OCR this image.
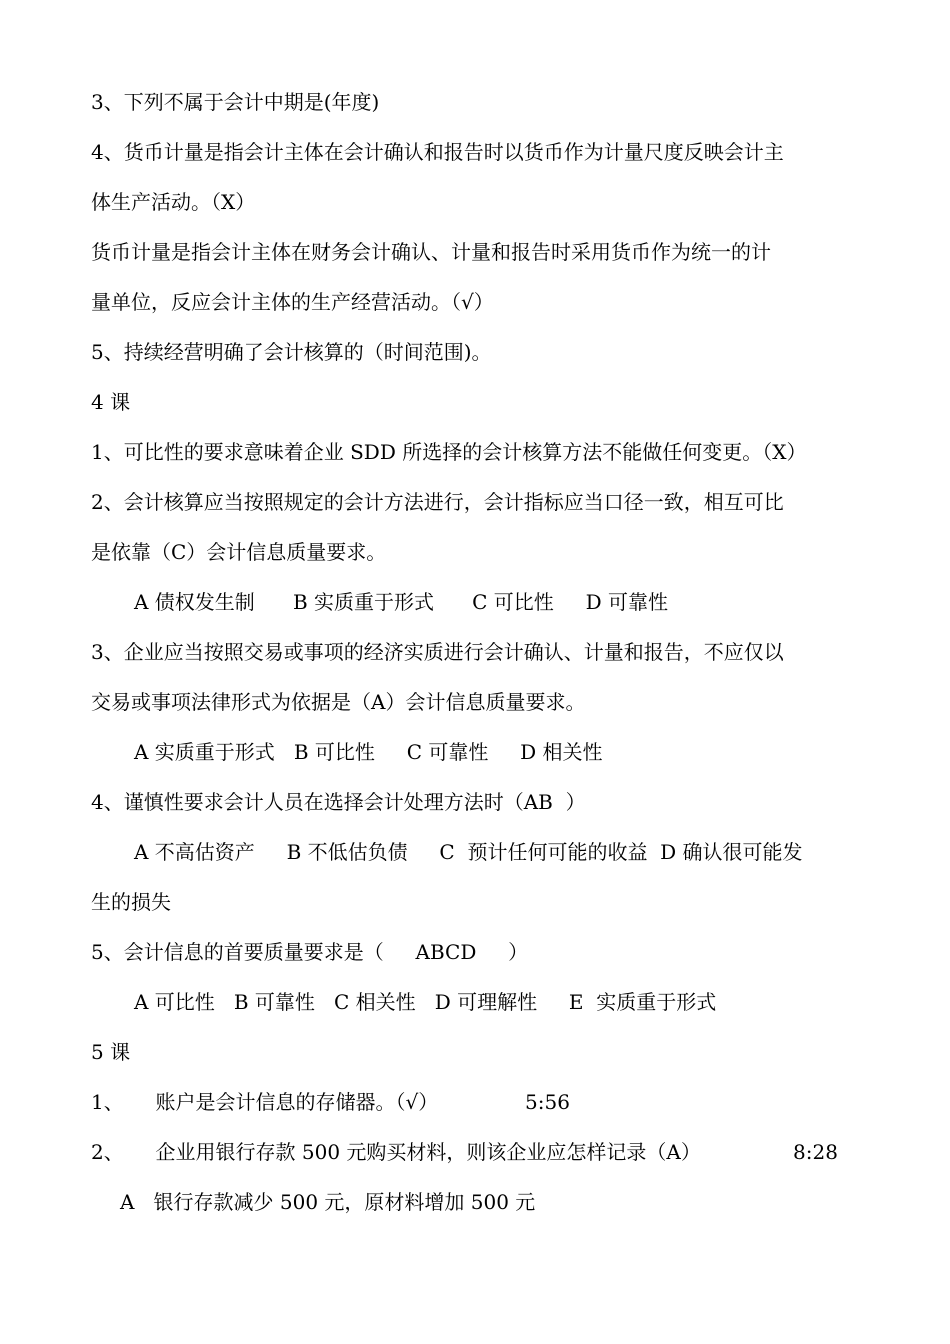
3、下列不属于会计中期是(年度)
4、货币计量是指会计主体在会计确认和报告时以货币作为计量尺度反映会计主
体生产活动。（X）
货币计量是指会计主体在财务会计确认、计量和报告时采用货币作为统一的计
量单位，反应会计主体的生产经营活动。（√）
5、持续经营明确了会计核算的（时间范围)。
4 课
1、可比性的要求意味着企业 SDD 所选择的会计核算方法不能做任何变更。（X）
2、会计核算应当按照规定的会计方法进行，会计指标应当口径一致，相互可比
是依靠（C）会计信息质量要求。
A 债权发生制      B 实质重于形式      C 可比性     D 可靠性
3、企业应当按照交易或事项的经济实质进行会计确认、计量和报告，不应仅以
交易或事项法律形式为依据是（A）会计信息质量要求。
A 实质重于形式   B 可比性     C 可靠性     D 相关性
4、谨慎性要求会计人员在选择会计处理方法时（AB  ）
A 不高估资产     B 不低估负债     C  预计任何可能的收益  D 确认很可能发
生的损失
5、会计信息的首要质量要求是（     ABCD     ）
A 可比性   B 可靠性   C 相关性   D 可理解性     E  实质重于形式
5 课
1、     账户是会计信息的存储器。（√）	5:56
2、     企业用银行存款 500 元购买材料，则该企业应怎样记录（A）	8:28
A   银行存款减少 500 元，原材料增加 500 元
